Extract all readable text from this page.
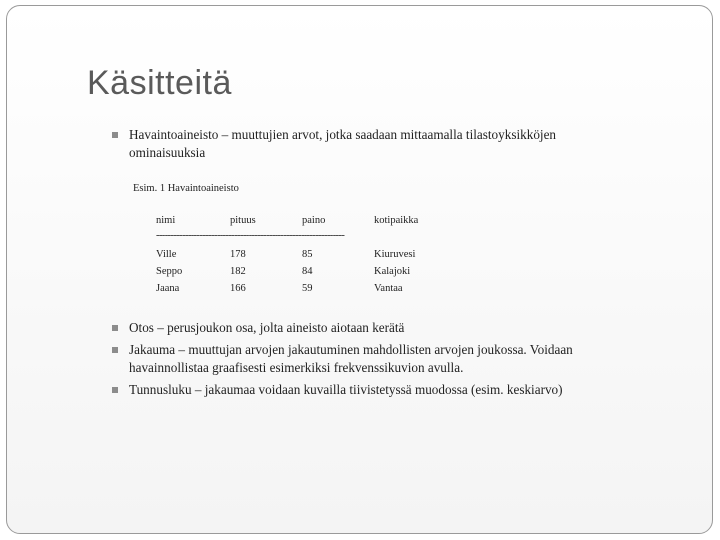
Käsitteitä
Havaintoaineisto – muuttujien arvot, jotka saadaan mittaamalla tilastoyksikköjen ominaisuuksia
Esim. 1 Havaintoaineisto
nimi	pituus	paino	kotipaikka
-----------------------------------------------------------------
Ville	178	85	Kiuruvesi
Seppo	182	84	Kalajoki
Jaana	166	59	Vantaa
Otos – perusjoukon osa, jolta aineisto aiotaan kerätä
Jakauma – muuttujan arvojen jakautuminen mahdollisten arvojen joukossa. Voidaan havainnollistaa graafisesti esimerkiksi frekvenssikuvion avulla.
Tunnusluku – jakaumaa voidaan kuvailla tiivistetyssä muodossa (esim. keskiarvo)
